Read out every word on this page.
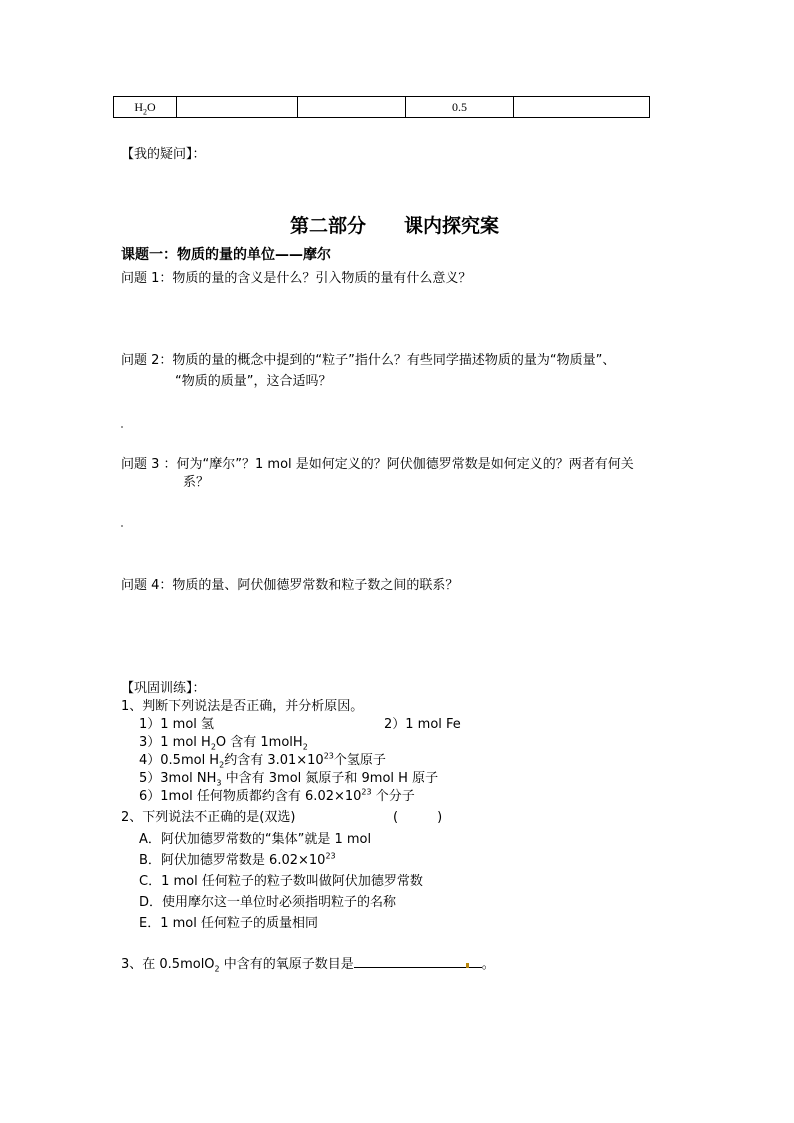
$H_2O$			0.5	
【我的疑问】：
第二部分　　课内探究案
课题一：物质的量的单位——摩尔
问题 1：物质的量的含义是什么？引入物质的量有什么意义？
问题 2：物质的量的概念中提到的“粒子”指什么？有些同学描述物质的量为“物质量”、
“物质的质量”，这合适吗？
问题 3 ：何为“摩尔”？1 mol 是如何定义的？阿伏伽德罗常数是如何定义的？两者有何关
系？
问题 4：物质的量、阿伏伽德罗常数和粒子数之间的联系？
【巩固训练】：
1、判断下列说法是否正确，并分析原因。
1）1 mol 氢	2）1 mol Fe
3）1 mol $H_2O$ 含有 1molH$_2$
4）0.5mol $H_2$约含有 $3.01\times 10^{23}$个氢原子
5）3mol $NH_3$ 中含有 3mol 氮原子和 9mol H 原子
6）1mol 任何物质都约含有 $6.02\times 10^{23}$ 个分子
2、下列说法不正确的是(双选)	(　　　)
A．阿伏加德罗常数的“集体”就是 1 mol
B．阿伏加德罗常数是 $6.02\times 10^{23}$
C．1 mol 任何粒子的粒子数叫做阿伏加德罗常数
D．使用摩尔这一单位时必须指明粒子的名称
E．1 mol 任何粒子的质量相同
3、在 0.5molO$_2$ 中含有的氧原子数目是	。
